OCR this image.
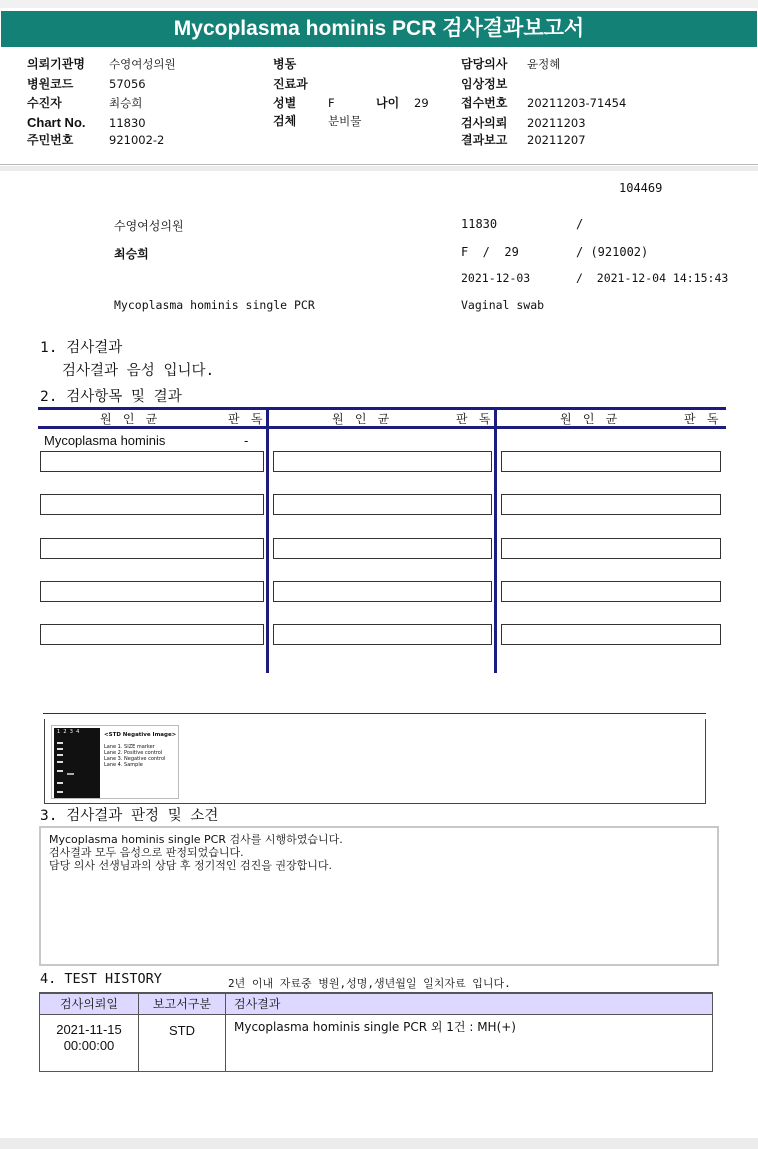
Mycoplasma hominis PCR 검사결과보고서
의뢰기관명 수영여성의원
병원코드	57056
수진자	최승희
Chart No. 11830
주민번호	921002-2
병동
진료과
성별	F	나이 29
검체	분비물
담당의사 윤정혜
임상정보
접수번호 20211203-71454
검사의뢰 20211203
결과보고 20211207
104469
수영여성의원	11830	/
최승희	F  /  29	/ (921002)
2021-12-03	/  2021-12-04 14:15:43
Mycoplasma hominis single PCR	Vaginal swab
1. 검사결과
검사결과 음성 입니다.
2. 검사항목 및 결과
원 인 균	판 독	원 인 균	판 독	원 인 균	판 독
Mycoplasma hominis	-
1  2  3  4	<STD Negative Image>
Lane 1. SIZE marker
Lane 2. Positive control
Lane 3. Negative control
Lane 4. Sample
3. 검사결과 판정 및 소견
Mycoplasma hominis single PCR 검사를 시행하였습니다.
검사결과 모두 음성으로 판정되었습니다.
담당 의사 선생님과의 상담 후 정기적인 검진을 권장합니다.
4. TEST HISTORY	2년 이내 자료중 병원,성명,생년월일 일치자료 입니다.
검사의뢰일	보고서구분	검사결과
2021-11-15
00:00:00
STD	Mycoplasma hominis single PCR 외 1건 : MH(+)
